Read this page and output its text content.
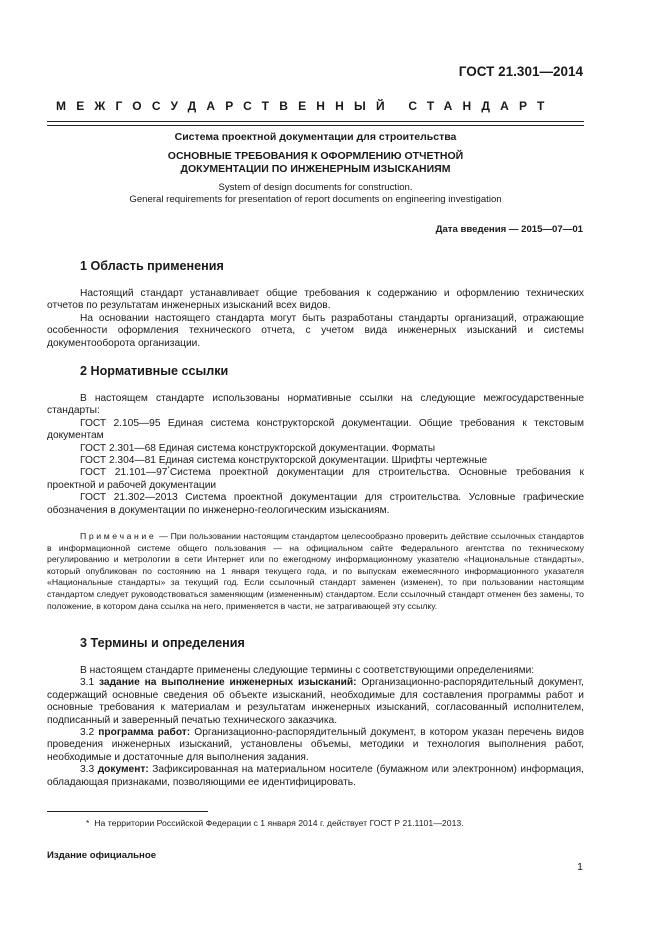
ГОСТ 21.301—2014
МЕЖГОСУДАРСТВЕННЫЙ СТАНДАРТ
Система проектной документации для строительства
ОСНОВНЫЕ ТРЕБОВАНИЯ К ОФОРМЛЕНИЮ ОТЧЕТНОЙ
ДОКУМЕНТАЦИИ ПО ИНЖЕНЕРНЫМ ИЗЫСКАНИЯМ
System of design documents for construction.
General requirements for presentation of report documents on engineering investigation
Дата введения — 2015—07—01
1 Область применения

Настоящий стандарт устанавливает общие требования к содержанию и оформлению технических отчетов по результатам инженерных изысканий всех видов.

На основании настоящего стандарта могут быть разработаны стандарты организаций, отражающие особенности оформления технического отчета, с учетом вида инженерных изысканий и системы документооборота организации.

2 Нормативные ссылки

В настоящем стандарте использованы нормативные ссылки на следующие межгосударственные стандарты:

ГОСТ 2.105—95 Единая система конструкторской документации. Общие требования к текстовым документам

ГОСТ 2.301—68 Единая система конструкторской документации. Форматы

ГОСТ 2.304—81 Единая система конструкторской документации. Шрифты чертежные

ГОСТ 21.101—97*Система проектной документации для строительства. Основные требования к проектной и рабочей документации

ГОСТ 21.302—2013 Система проектной документации для строительства. Условные графические обозначения в документации по инженерно-геологическим изысканиям.

Примечание — При пользовании настоящим стандартом целесообразно проверить действие ссылочных стандартов в информационной системе общего пользования — на официальном сайте Федерального агентства по техническому регулированию и метрологии в сети Интернет или по ежегодному информационному указателю «Национальные стандарты», который опубликован по состоянию на 1 января текущего года, и по выпускам ежемесячного информационного указателя «Национальные стандарты» за текущий год. Если ссылочный стандарт заменен (изменен), то при пользовании настоящим стандартом следует руководствоваться заменяющим (измененным) стандартом. Если ссылочный стандарт отменен без замены, то положение, в котором дана ссылка на него, применяется в части, не затрагивающей эту ссылку.

3 Термины и определения

В настоящем стандарте применены следующие термины с соответствующими определениями:

3.1 задание на выполнение инженерных изысканий: Организационно-распорядительный документ, содержащий основные сведения об объекте изысканий, необходимые для составления программы работ и основные требования к материалам и результатам инженерных изысканий, согласованный исполнителем, подписанный и заверенный печатью технического заказчика.

3.2 программа работ: Организационно-распорядительный документ, в котором указан перечень видов проведения инженерных изысканий, установлены объемы, методики и технология выполнения работ, необходимые и достаточные для выполнения задания.

3.3 документ: Зафиксированная на материальном носителе (бумажном или электронном) информация, обладающая признаками, позволяющими ее идентифицировать.

* На территории Российской Федерации с 1 января 2014 г. действует ГОСТ Р 21.1101—2013.
Издание официальное
1
